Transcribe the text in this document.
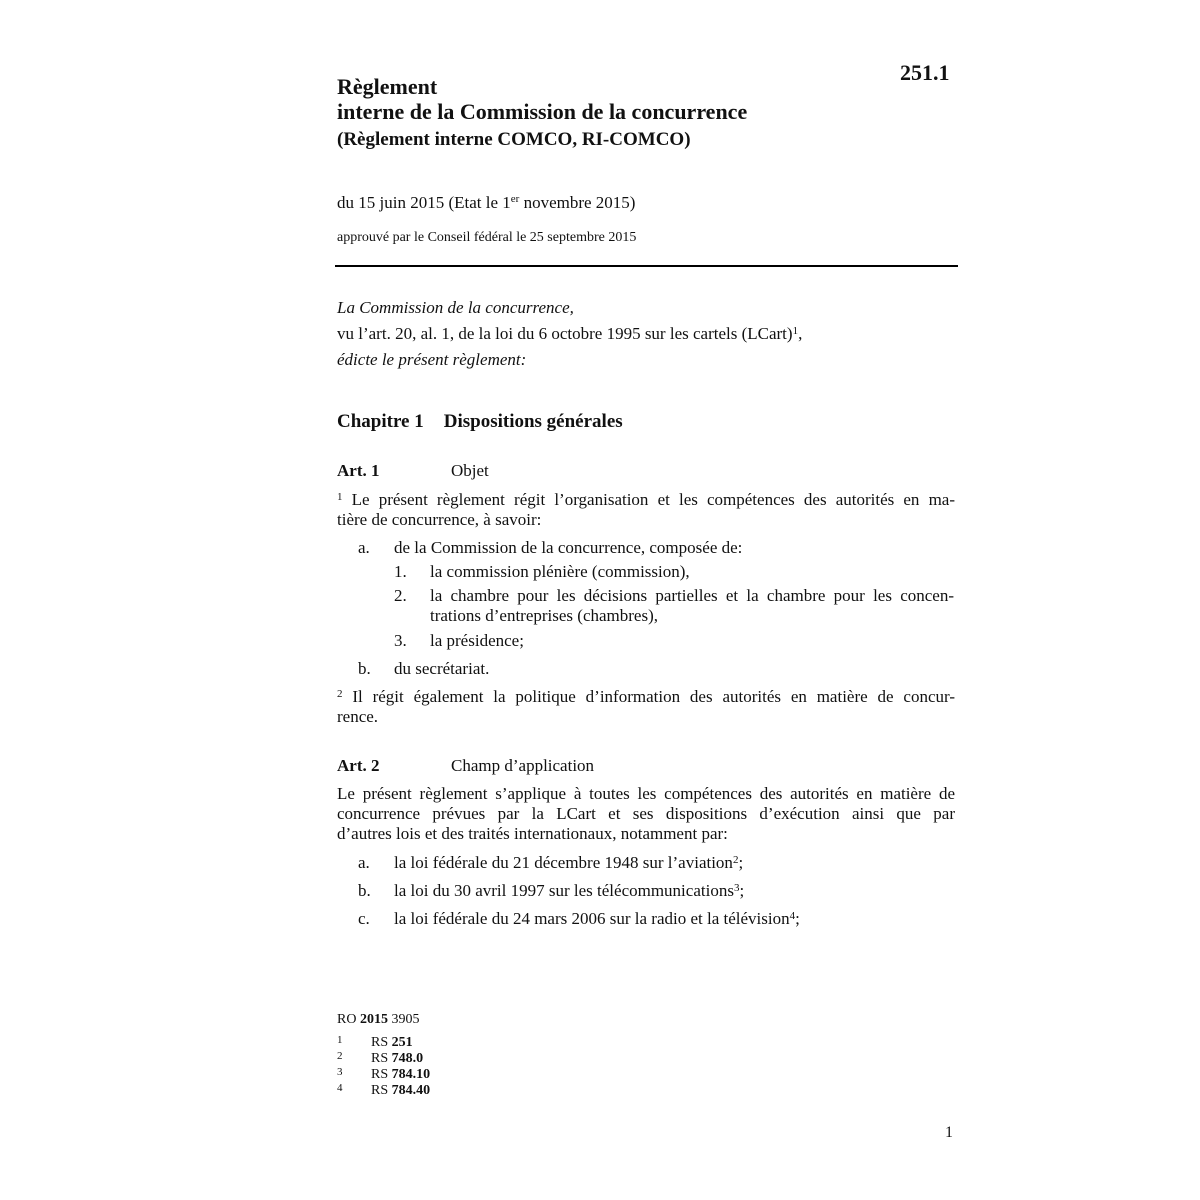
251.1
Règlement
interne de la Commission de la concurrence
(Règlement interne COMCO, RI-COMCO)
du 15 juin 2015 (Etat le 1er novembre 2015)
approuvé par le Conseil fédéral le 25 septembre 2015
La Commission de la concurrence,
vu l’art. 20, al. 1, de la loi du 6 octobre 1995 sur les cartels (LCart)$^1$,
édicte le présent règlement:
Chapitre 1 Dispositions générales
Art. 1	Objet
$^1$ Le présent règlement régit l’organisation et les compétences des autorités en ma-
tière de concurrence, à savoir:
a. de la Commission de la concurrence, composée de:
1. la commission plénière (commission),
2. la chambre pour les décisions partielles et la chambre pour les concen-
trations d’entreprises (chambres),
3. la présidence;
b. du secrétariat.
$^2$ Il régit également la politique d’information des autorités en matière de concur-
rence.
Art. 2	Champ d’application
Le présent règlement s’applique à toutes les compétences des autorités en matière de
concurrence prévues par la LCart et ses dispositions d’exécution ainsi que par
d’autres lois et des traités internationaux, notamment par:
a. la loi fédérale du 21 décembre 1948 sur l’aviation$^2$;
b. la loi du 30 avril 1997 sur les télécommunications$^3$;
c. la loi fédérale du 24 mars 2006 sur la radio et la télévision$^4$;
RO 2015 3905
1 RS 251
2 RS 748.0
3 RS 784.10
4 RS 784.40
1
